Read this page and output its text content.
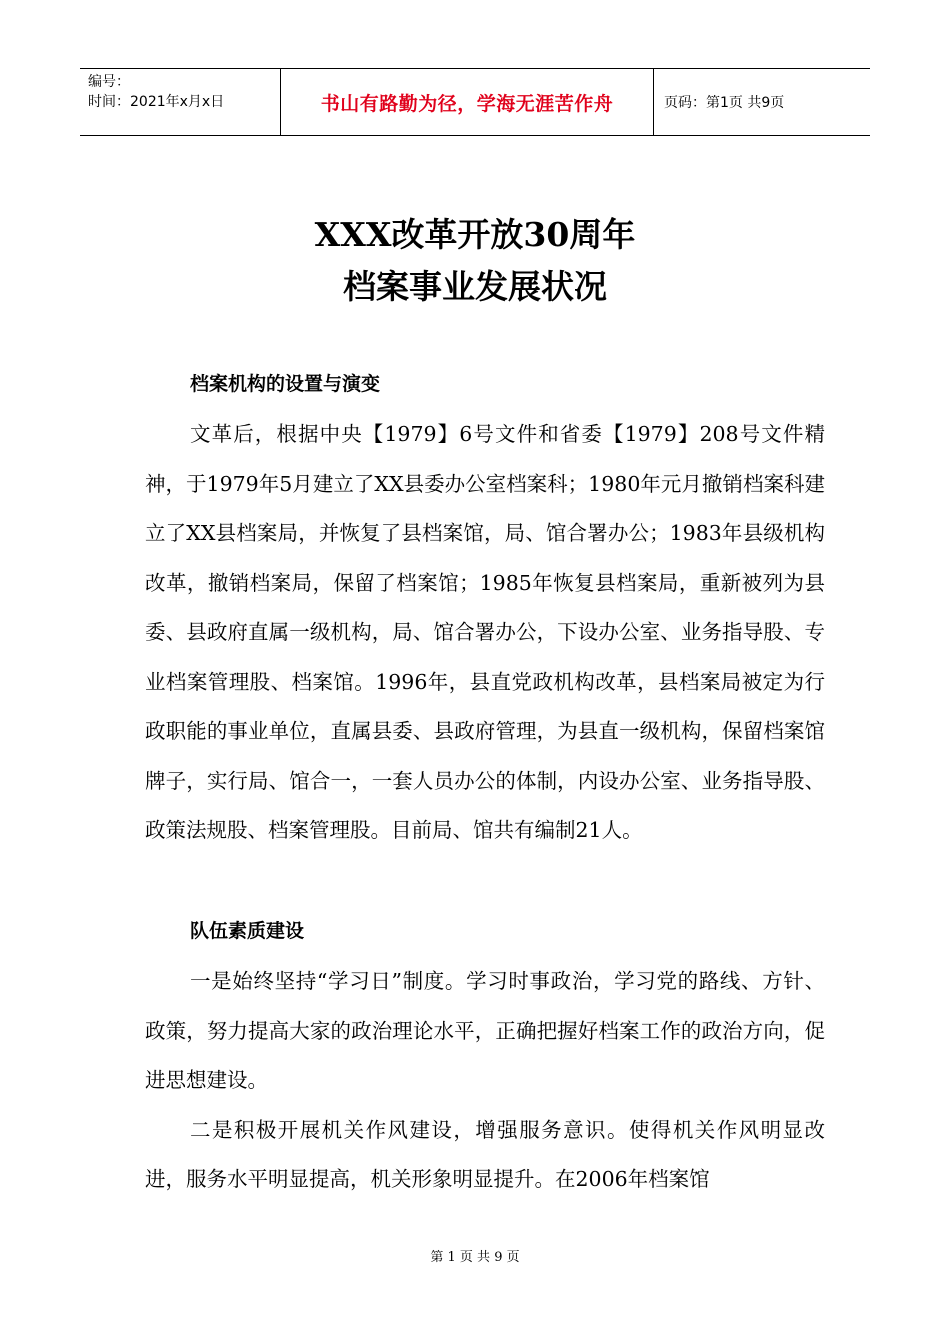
编号：
时间：2021年x月x日	书山有路勤为径，学海无涯苦作舟	页码：第1页 共9页
XXX改革开放30周年
档案事业发展状况
档案机构的设置与演变

文革后，根据中央【1979】6号文件和省委【1979】208号文件精神，于1979年5月建立了XX县委办公室档案科；1980年元月撤销档案科建立了XX县档案局，并恢复了县档案馆，局、馆合署办公；1983年县级机构改革，撤销档案局，保留了档案馆；1985年恢复县档案局，重新被列为县委、县政府直属一级机构，局、馆合署办公，下设办公室、业务指导股、专业档案管理股、档案馆。1996年，县直党政机构改革，县档案局被定为行政职能的事业单位，直属县委、县政府管理，为县直一级机构，保留档案馆牌子，实行局、馆合一，一套人员办公的体制，内设办公室、业务指导股、政策法规股、档案管理股。目前局、馆共有编制21人。

队伍素质建设

一是始终坚持“学习日”制度。学习时事政治，学习党的路线、方针、政策，努力提高大家的政治理论水平，正确把握好档案工作的政治方向，促进思想建设。

二是积极开展机关作风建设，增强服务意识。使得机关作风明显改进，服务水平明显提高，机关形象明显提升。在2006年档案馆

第 1 页 共 9 页
